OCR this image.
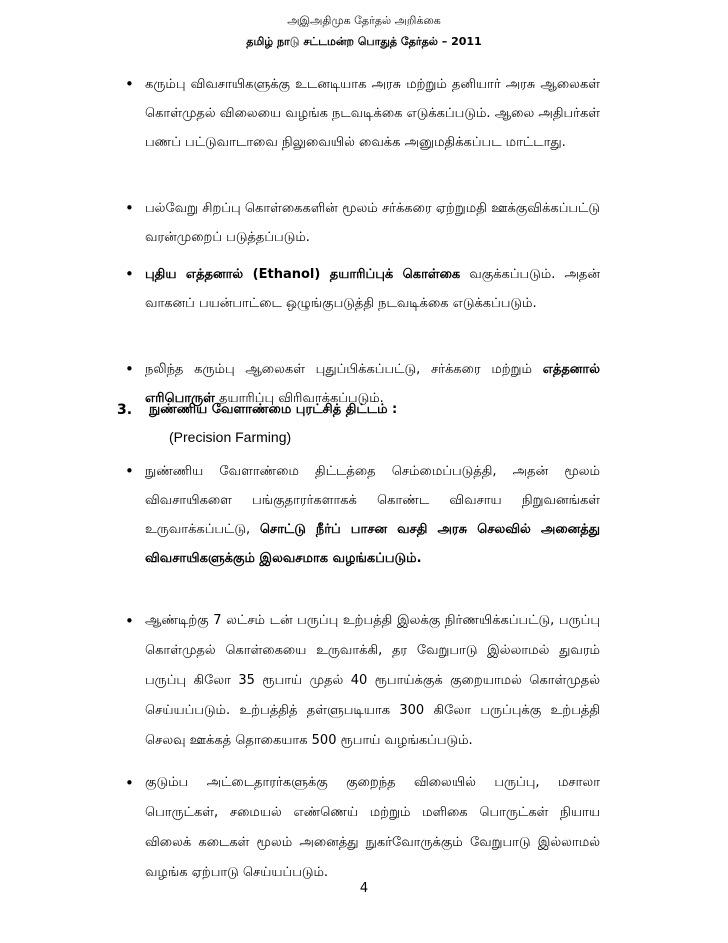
அஇஅதிமுக தேர்தல் அறிக்கை
தமிழ் நாடு சட்டமன்ற பொதுத் தேர்தல் – 2011
• கரும்பு விவசாயிகளுக்கு உடனடியாக அரசு மற்றும் தனியார் அரசு ஆலைகள் கொள்முதல் விலையை வழங்க நடவடிக்கை எடுக்கப்படும். ஆலை அதிபர்கள் பணப் பட்டுவாடாவை நிலுவையில் வைக்க அனுமதிக்கப்பட மாட்டாது.
• பல்வேறு சிறப்பு கொள்கைகளின் மூலம் சர்க்கரை ஏற்றுமதி ஊக்குவிக்கப்பட்டு வரன்முறைப் படுத்தப்படும்.
• புதிய எத்தனால் (Ethanol) தயாரிப்புக் கொள்கை வகுக்கப்படும். அதன் வாகனப் பயன்பாட்டை ஒழுங்குபடுத்தி நடவடிக்கை எடுக்கப்படும்.
• நலிந்த கரும்பு ஆலைகள் புதுப்பிக்கப்பட்டு, சர்க்கரை மற்றும் எத்தனால் எரிபொருள் தயாரிப்பு விரிவாக்கப்படும்.
3. நுண்ணிய வேளாண்மை புரட்சித் திட்டம் :
(Precision Farming)
• நுண்ணிய வேளாண்மை திட்டத்தை செம்மைப்படுத்தி, அதன் மூலம் விவசாயிகளை பங்குதாரர்களாகக் கொண்ட விவசாய நிறுவனங்கள் உருவாக்கப்பட்டு, சொட்டு நீர்ப் பாசன வசதி அரசு செலவில் அனைத்து விவசாயிகளுக்கும் இலவசமாக வழங்கப்படும்.
• ஆண்டிற்கு 7 லட்சம் டன் பருப்பு உற்பத்தி இலக்கு நிர்ணயிக்கப்பட்டு, பருப்பு கொள்முதல் கொள்கையை உருவாக்கி, தர வேறுபாடு இல்லாமல் துவரம் பருப்பு கிலோ 35 ரூபாய் முதல் 40 ரூபாய்க்குக் குறையாமல் கொள்முதல் செய்யப்படும். உற்பத்தித் தள்ளுபடியாக 300 கிலோ பருப்புக்கு உற்பத்தி செலவு ஊக்கத் தொகையாக 500 ரூபாய் வழங்கப்படும்.
• குடும்ப அட்டைதாரர்களுக்கு குறைந்த விலையில் பருப்பு, மசாலா பொருட்கள், சமையல் எண்ணெய் மற்றும் மளிகை பொருட்கள் நியாய விலைக் கடைகள் மூலம் அனைத்து நுகர்வோருக்கும் வேறுபாடு இல்லாமல் வழங்க ஏற்பாடு செய்யப்படும்.
4
